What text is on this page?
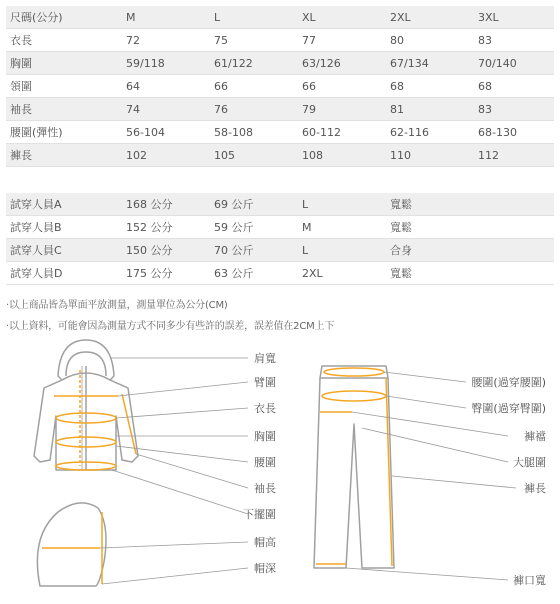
尺碼(公分)	M	L	XL	2XL	3XL
衣長	72	75	77	80	83
胸圍	59/118	61/122	63/126	67/134	70/140
領圍	64	66	66	68	68
袖長	74	76	79	81	83
腰圍(彈性)	56-104	58-108	60-112	62-116	68-130
褲長	102	105	108	110	112
試穿人員A	168 公分	69 公斤	L	寬鬆	
試穿人員B	152 公分	59 公斤	M	寬鬆	
試穿人員C	150 公分	70 公斤	L	合身	
試穿人員D	175 公分	63 公斤	2XL	寬鬆	
‧以上商品皆為單面平放測量，測量單位為公分(CM)
‧以上資料，可能會因為測量方式不同多少有些許的誤差，誤差值在2CM上下
肩寬
臂圍
衣長
胸圍
腰圍
袖長
下擺圍
帽高
帽深
腰圍(過穿腰圍)
臀圍(過穿臀圍)
褲襠
大腿圍
褲長
褲口寬
